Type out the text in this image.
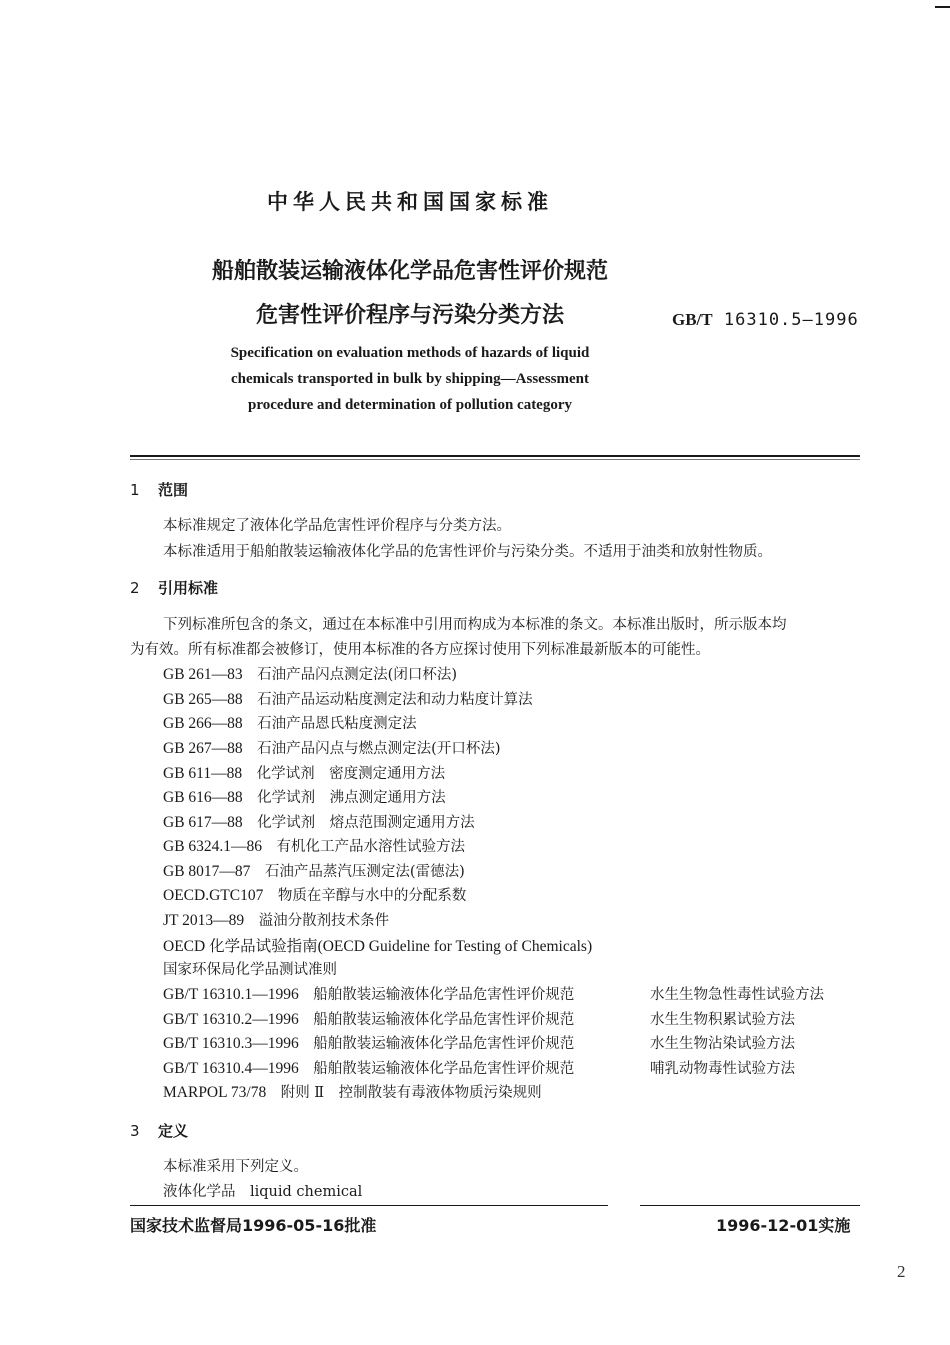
中华人民共和国国家标准
船舶散装运输液体化学品危害性评价规范
危害性评价程序与污染分类方法	GB/T 16310.5—1996
Specification on evaluation methods of hazards of liquid
chemicals transported in bulk by shipping—Assessment
procedure and determination of pollution category
1 范围
本标准规定了液体化学品危害性评价程序与分类方法。
本标准适用于船舶散装运输液体化学品的危害性评价与污染分类。不适用于油类和放射性物质。
2 引用标准
下列标准所包含的条文，通过在本标准中引用而构成为本标准的条文。本标准出版时，所示版本均
为有效。所有标准都会被修订，使用本标准的各方应探讨使用下列标准最新版本的可能性。
GB 261—83　 石油产品闪点测定法(闭口杯法)
GB 265—88　 石油产品运动粘度测定法和动力粘度计算法
GB 266—88　 石油产品恩氏粘度测定法
GB 267—88　 石油产品闪点与燃点测定法(开口杯法)
GB 611—88　 化学试剂　密度测定通用方法
GB 616—88　 化学试剂　沸点测定通用方法
GB 617—88　 化学试剂　熔点范围测定通用方法
GB 6324.1—86　 有机化工产品水溶性试验方法
GB 8017—87　 石油产品蒸汽压测定法(雷德法)
OECD.GTC107　 物质在辛醇与水中的分配系数
JT 2013—89　 溢油分散剂技术条件
OECD 化学品试验指南(OECD Guideline for Testing of Chemicals)
国家环保局化学品测试准则
GB/T 16310.1—1996　 船舶散装运输液体化学品危害性评价规范	水生生物急性毒性试验方法
GB/T 16310.2—1996　 船舶散装运输液体化学品危害性评价规范	水生生物积累试验方法
GB/T 16310.3—1996　 船舶散装运输液体化学品危害性评价规范	水生生物沾染试验方法
GB/T 16310.4—1996　 船舶散装运输液体化学品危害性评价规范	哺乳动物毒性试验方法
MARPOL 73/78　 附则 Ⅱ　控制散装有毒液体物质污染规则
3 定义
本标准采用下列定义。
液体化学品　liquid chemical
国家技术监督局1996-05-16批准	1996-12-01实施
2
